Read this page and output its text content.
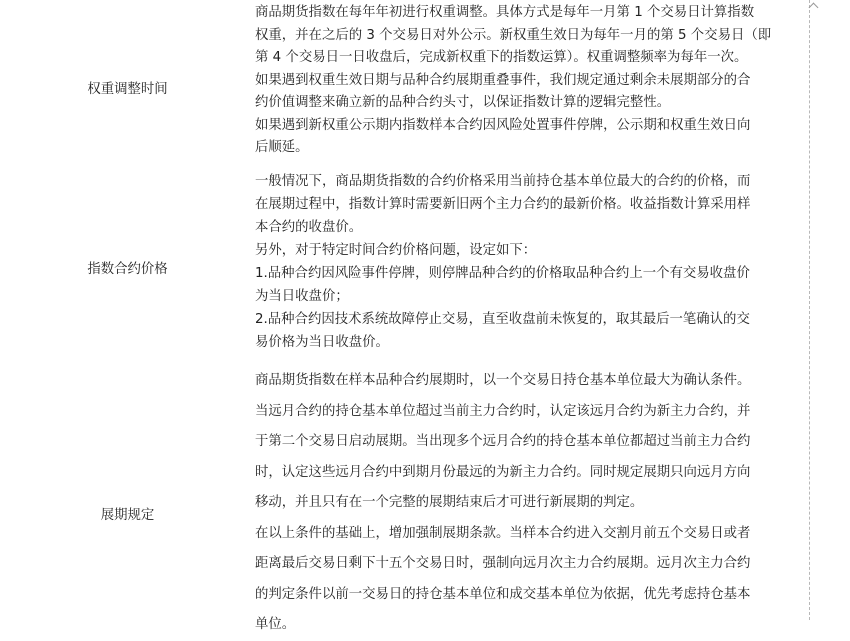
权重调整时间

商品期货指数在每年年初进行权重调整。具体方式是每年一月第 1 个交易日计算指数
权重，并在之后的 3 个交易日对外公示。新权重生效日为每年一月的第 5 个交易日（即
第 4 个交易日一日收盘后，完成新权重下的指数运算）。权重调整频率为每年一次。

如果遇到权重生效日期与品种合约展期重叠事件，我们规定通过剩余未展期部分的合
约价值调整来确立新的品种合约头寸，以保证指数计算的逻辑完整性。

如果遇到新权重公示期内指数样本合约因风险处置事件停牌，公示期和权重生效日向
后顺延。

指数合约价格

一般情况下，商品期货指数的合约价格采用当前持仓基本单位最大的合约的价格，而
在展期过程中，指数计算时需要新旧两个主力合约的最新价格。收益指数计算采用样
本合约的收盘价。

另外，对于特定时间合约价格问题，设定如下：

1.品种合约因风险事件停牌，则停牌品种合约的价格取品种合约上一个有交易收盘价
为当日收盘价；

2.品种合约因技术系统故障停止交易，直至收盘前未恢复的，取其最后一笔确认的交
易价格为当日收盘价。

展期规定

商品期货指数在样本品种合约展期时，以一个交易日持仓基本单位最大为确认条件。
当远月合约的持仓基本单位超过当前主力合约时，认定该远月合约为新主力合约，并
于第二个交易日启动展期。当出现多个远月合约的持仓基本单位都超过当前主力合约
时，认定这些远月合约中到期月份最远的为新主力合约。同时规定展期只向远月方向
移动，并且只有在一个完整的展期结束后才可进行新展期的判定。

在以上条件的基础上，增加强制展期条款。当样本合约进入交割月前五个交易日或者
距离最后交易日剩下十五个交易日时，强制向远月次主力合约展期。远月次主力合约
的判定条件以前一交易日的持仓基本单位和成交基本单位为依据，优先考虑持仓基本
单位。
